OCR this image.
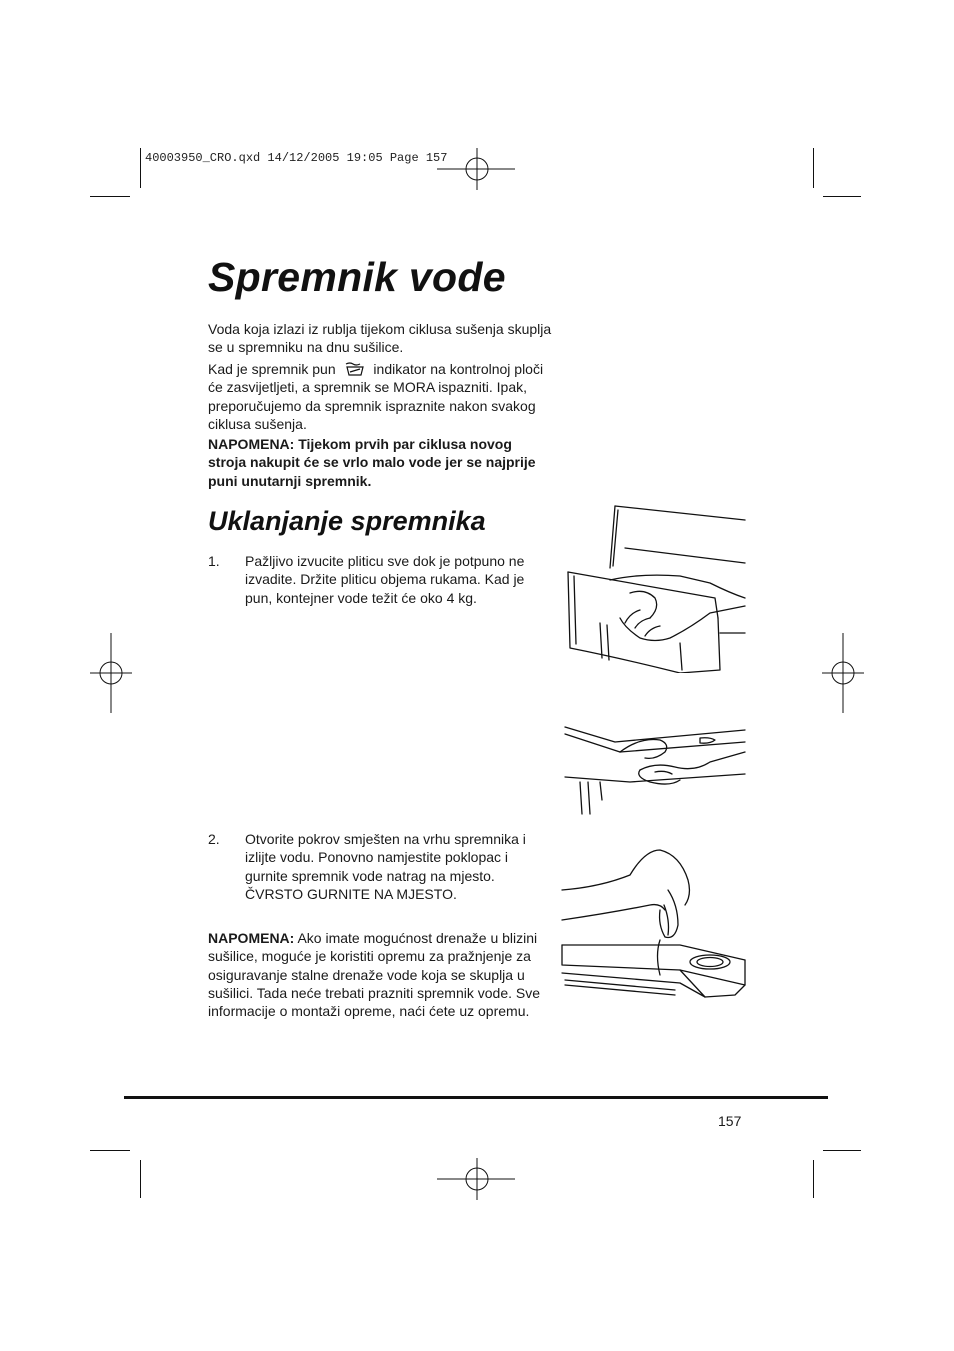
40003950_CRO.qxd 14/12/2005 19:05 Page 157
Spremnik vode

Voda koja izlazi iz rublja tijekom ciklusa sušenja skuplja se u spremniku na dnu sušilice.

Kad je spremnik pun	indikator na kontrolnoj ploči će zasvijetljeti, a spremnik se MORA ispazniti. Ipak, preporučujemo da spremnik ispraznite nakon svakog ciklusa sušenja.

NAPOMENA: Tijekom prvih par ciklusa novog stroja nakupit će se vrlo malo vode jer se najprije puni unutarnji spremnik.

Uklanjanje spremnika
1. Pažljivo izvucite pliticu sve dok je potpuno ne izvadite. Držite pliticu objema rukama. Kad je pun, kontejner vode težit će oko 4 kg.

2. Otvorite pokrov smješten na vrhu spremnika i izlijte vodu. Ponovno namjestite poklopac i gurnite spremnik vode natrag na mjesto. ČVRSTO GURNITE NA MJESTO.

NAPOMENA: Ako imate mogućnost drenaže u blizini sušilice, moguće je koristiti opremu za pražnjenje za osiguravanje stalne drenaže vode koja se skuplja u sušilici. Tada neće trebati prazniti spremnik vode. Sve informacije o montaži opreme, naći ćete uz opremu.

157
